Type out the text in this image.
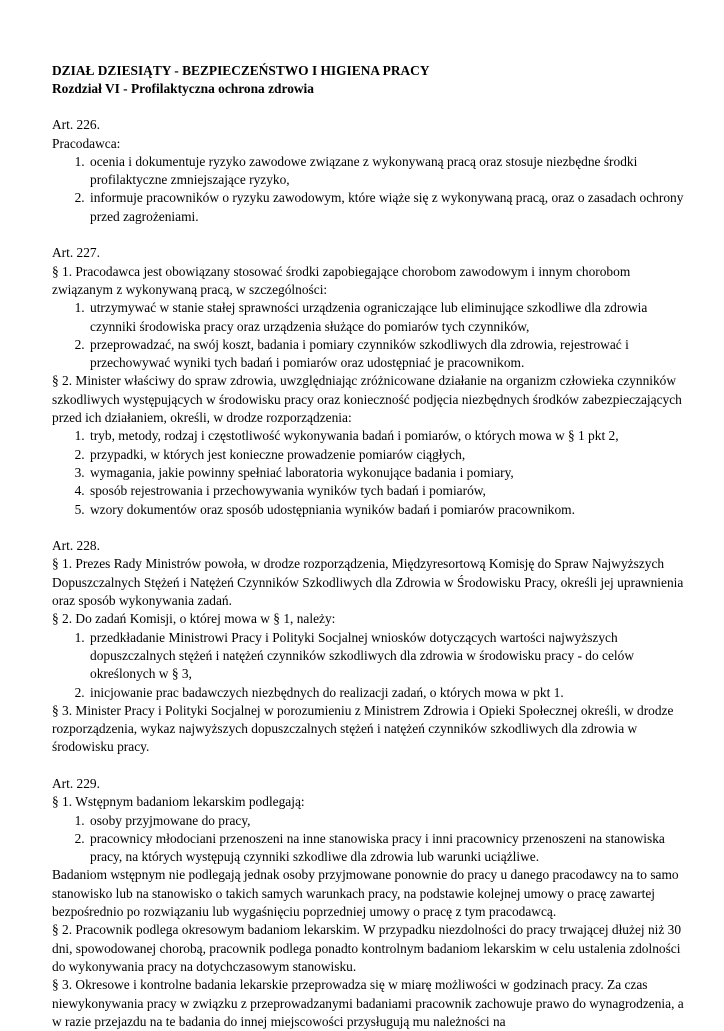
DZIAŁ DZIESIĄTY - BEZPIECZEŃSTWO I HIGIENA PRACY

Rozdział VI - Profilaktyczna ochrona zdrowia

Art. 226.

Pracodawca:

1. ocenia i dokumentuje ryzyko zawodowe związane z wykonywaną pracą oraz stosuje niezbędne środki profilaktyczne zmniejszające ryzyko,
2. informuje pracowników o ryzyku zawodowym, które wiąże się z wykonywaną pracą, oraz o zasadach ochrony przed zagrożeniami.

Art. 227.

§ 1. Pracodawca jest obowiązany stosować środki zapobiegające chorobom zawodowym i innym chorobom związanym z wykonywaną pracą, w szczególności:

1. utrzymywać w stanie stałej sprawności urządzenia ograniczające lub eliminujące szkodliwe dla zdrowia czynniki środowiska pracy oraz urządzenia służące do pomiarów tych czynników,
2. przeprowadzać, na swój koszt, badania i pomiary czynników szkodliwych dla zdrowia, rejestrować i przechowywać wyniki tych badań i pomiarów oraz udostępniać je pracownikom.

§ 2. Minister właściwy do spraw zdrowia, uwzględniając zróżnicowane działanie na organizm człowieka czynników szkodliwych występujących w środowisku pracy oraz konieczność podjęcia niezbędnych środków zabezpieczających przed ich działaniem, określi, w drodze rozporządzenia:

1. tryb, metody, rodzaj i częstotliwość wykonywania badań i pomiarów, o których mowa w § 1 pkt 2,
2. przypadki, w których jest konieczne prowadzenie pomiarów ciągłych,
3. wymagania, jakie powinny spełniać laboratoria wykonujące badania i pomiary,
4. sposób rejestrowania i przechowywania wyników tych badań i pomiarów,
5. wzory dokumentów oraz sposób udostępniania wyników badań i pomiarów pracownikom.

Art. 228.

§ 1. Prezes Rady Ministrów powoła, w drodze rozporządzenia, Międzyresortową Komisję do Spraw Najwyższych Dopuszczalnych Stężeń i Natężeń Czynników Szkodliwych dla Zdrowia w Środowisku Pracy, określi jej uprawnienia oraz sposób wykonywania zadań.

§ 2. Do zadań Komisji, o której mowa w § 1, należy:

1. przedkładanie Ministrowi Pracy i Polityki Socjalnej wniosków dotyczących wartości najwyższych dopuszczalnych stężeń i natężeń czynników szkodliwych dla zdrowia w środowisku pracy - do celów określonych w § 3,
2. inicjowanie prac badawczych niezbędnych do realizacji zadań, o których mowa w pkt 1.

§ 3. Minister Pracy i Polityki Socjalnej w porozumieniu z Ministrem Zdrowia i Opieki Społecznej określi, w drodze rozporządzenia, wykaz najwyższych dopuszczalnych stężeń i natężeń czynników szkodliwych dla zdrowia w środowisku pracy.

Art. 229.

§ 1. Wstępnym badaniom lekarskim podlegają:

1. osoby przyjmowane do pracy,
2. pracownicy młodociani przenoszeni na inne stanowiska pracy i inni pracownicy przenoszeni na stanowiska pracy, na których występują czynniki szkodliwe dla zdrowia lub warunki uciążliwe.

Badaniom wstępnym nie podlegają jednak osoby przyjmowane ponownie do pracy u danego pracodawcy na to samo stanowisko lub na stanowisko o takich samych warunkach pracy, na podstawie kolejnej umowy o pracę zawartej bezpośrednio po rozwiązaniu lub wygaśnięciu poprzedniej umowy o pracę z tym pracodawcą.

§ 2. Pracownik podlega okresowym badaniom lekarskim. W przypadku niezdolności do pracy trwającej dłużej niż 30 dni, spowodowanej chorobą, pracownik podlega ponadto kontrolnym badaniom lekarskim w celu ustalenia zdolności do wykonywania pracy na dotychczasowym stanowisku.

§ 3. Okresowe i kontrolne badania lekarskie przeprowadza się w miarę możliwości w godzinach pracy. Za czas niewykonywania pracy w związku z przeprowadzanymi badaniami pracownik zachowuje prawo do wynagrodzenia, a w razie przejazdu na te badania do innej miejscowości przysługują mu należności na
